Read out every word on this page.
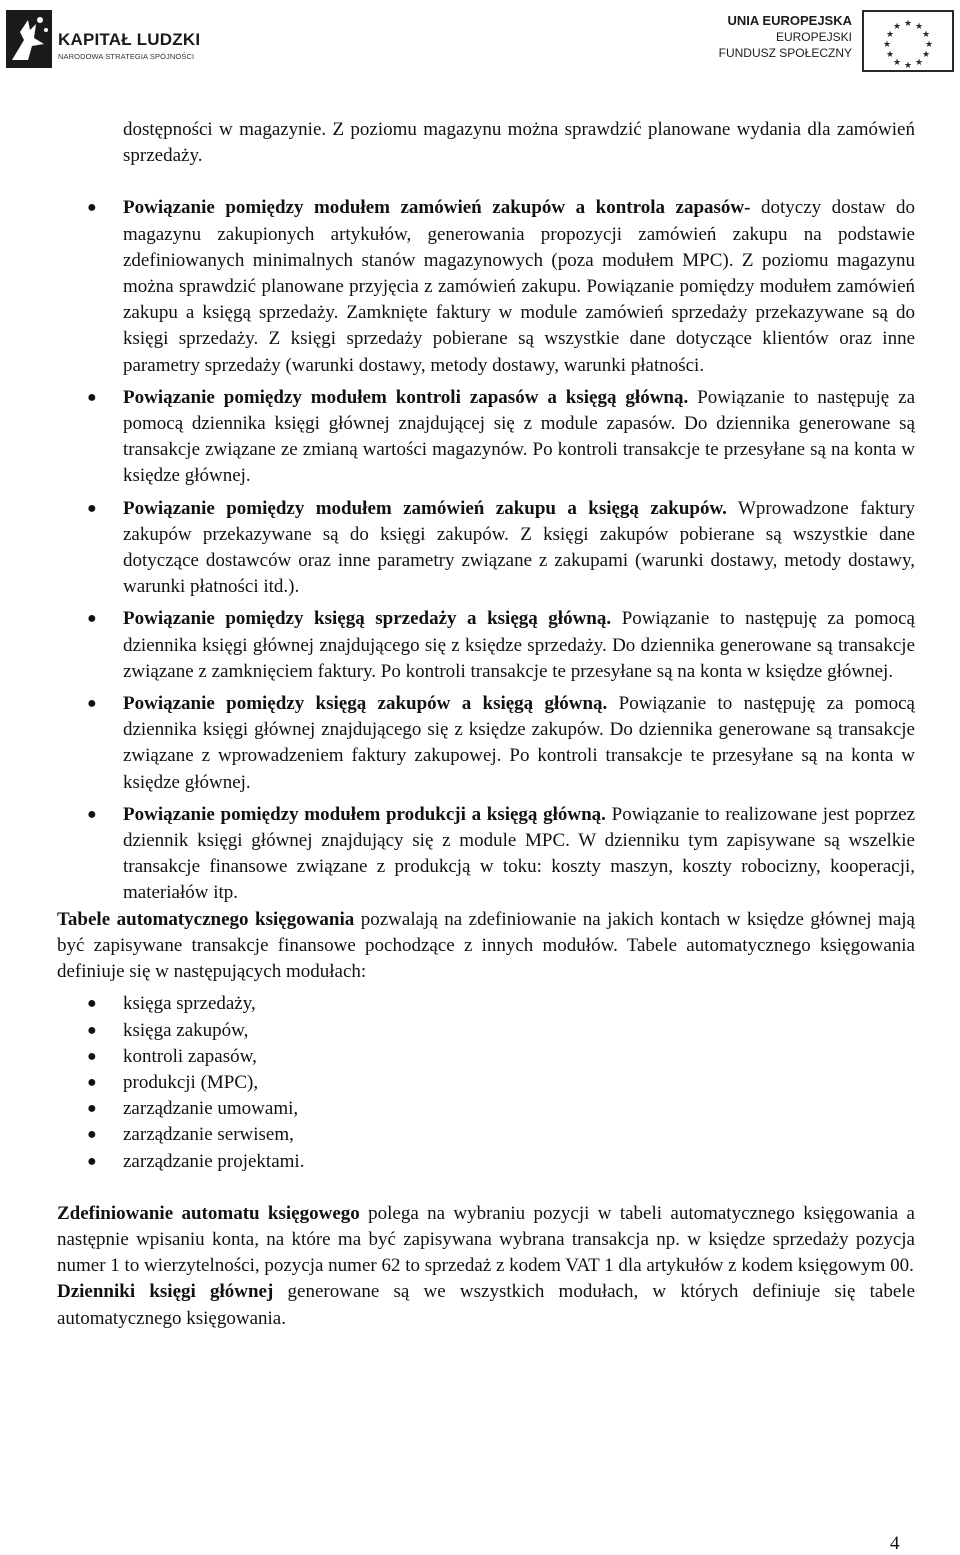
KAPITAŁ LUDZKI
NARODOWA STRATEGIA SPÓJNOŚCI
UNIA EUROPEJSKA
EUROPEJSKI
FUNDUSZ SPOŁECZNY
★ ★
★
★
★
★
★
★
★
★
★
★

dostępności w magazynie. Z poziomu magazynu można sprawdzić planowane wydania dla zamówień sprzedaży.

● Powiązanie pomiędzy modułem zamówień zakupów a kontrola zapasów- dotyczy dostaw do magazynu zakupionych artykułów, generowania propozycji zamówień zakupu na podstawie zdefiniowanych minimalnych stanów magazynowych (poza modułem MPC). Z poziomu magazynu można sprawdzić planowane przyjęcia z zamówień zakupu. Powiązanie pomiędzy modułem zamówień zakupu a księgą sprzedaży. Zamknięte faktury w module zamówień sprzedaży przekazywane są do księgi sprzedaży. Z księgi sprzedaży pobierane są wszystkie dane dotyczące klientów oraz inne parametry sprzedaży (warunki dostawy, metody dostawy, warunki płatności.
● Powiązanie pomiędzy modułem kontroli zapasów a księgą główną. Powiązanie to następuję za pomocą dziennika księgi głównej znajdującej się z module zapasów. Do dziennika generowane są transakcje związane ze zmianą wartości magazynów. Po kontroli transakcje te przesyłane są na konta w księdze głównej.
● Powiązanie pomiędzy modułem zamówień zakupu a księgą zakupów. Wprowadzone faktury zakupów przekazywane są do księgi zakupów. Z księgi zakupów pobierane są wszystkie dane dotyczące dostawców oraz inne parametry związane z zakupami (warunki dostawy, metody dostawy, warunki płatności itd.).
● Powiązanie pomiędzy księgą sprzedaży a księgą główną. Powiązanie to następuję za pomocą dziennika księgi głównej znajdującego się z księdze sprzedaży. Do dziennika generowane są transakcje związane z zamknięciem faktury. Po kontroli transakcje te przesyłane są na konta w księdze głównej.
● Powiązanie pomiędzy księgą zakupów a księgą główną. Powiązanie to następuję za pomocą dziennika księgi głównej znajdującego się z księdze zakupów. Do dziennika generowane są transakcje związane z wprowadzeniem faktury zakupowej. Po kontroli transakcje te przesyłane są na konta w księdze głównej.
● Powiązanie pomiędzy modułem produkcji a księgą główną. Powiązanie to realizowane jest poprzez dziennik księgi głównej znajdujący się z module MPC. W dzienniku tym zapisywane są wszelkie transakcje finansowe związane z produkcją w toku: koszty maszyn, koszty robocizny, kooperacji, materiałów itp.

Tabele automatycznego księgowania pozwalają na zdefiniowanie na jakich kontach w księdze głównej mają być zapisywane transakcje finansowe pochodzące z innych modułów. Tabele automatycznego księgowania definiuje się w następujących modułach:

● księga sprzedaży,
● księga zakupów,
● kontroli zapasów,
● produkcji (MPC),
● zarządzanie umowami,
● zarządzanie serwisem,
● zarządzanie projektami.

Zdefiniowanie automatu księgowego polega na wybraniu pozycji w tabeli automatycznego księgowania a następnie wpisaniu konta, na które ma być zapisywana wybrana transakcja np. w księdze sprzedaży pozycja numer 1 to wierzytelności, pozycja numer 62 to sprzedaż z kodem VAT 1 dla artykułów z kodem księgowym 00.

Dzienniki księgi głównej generowane są we wszystkich modułach, w których definiuje się tabele automatycznego księgowania.

4
